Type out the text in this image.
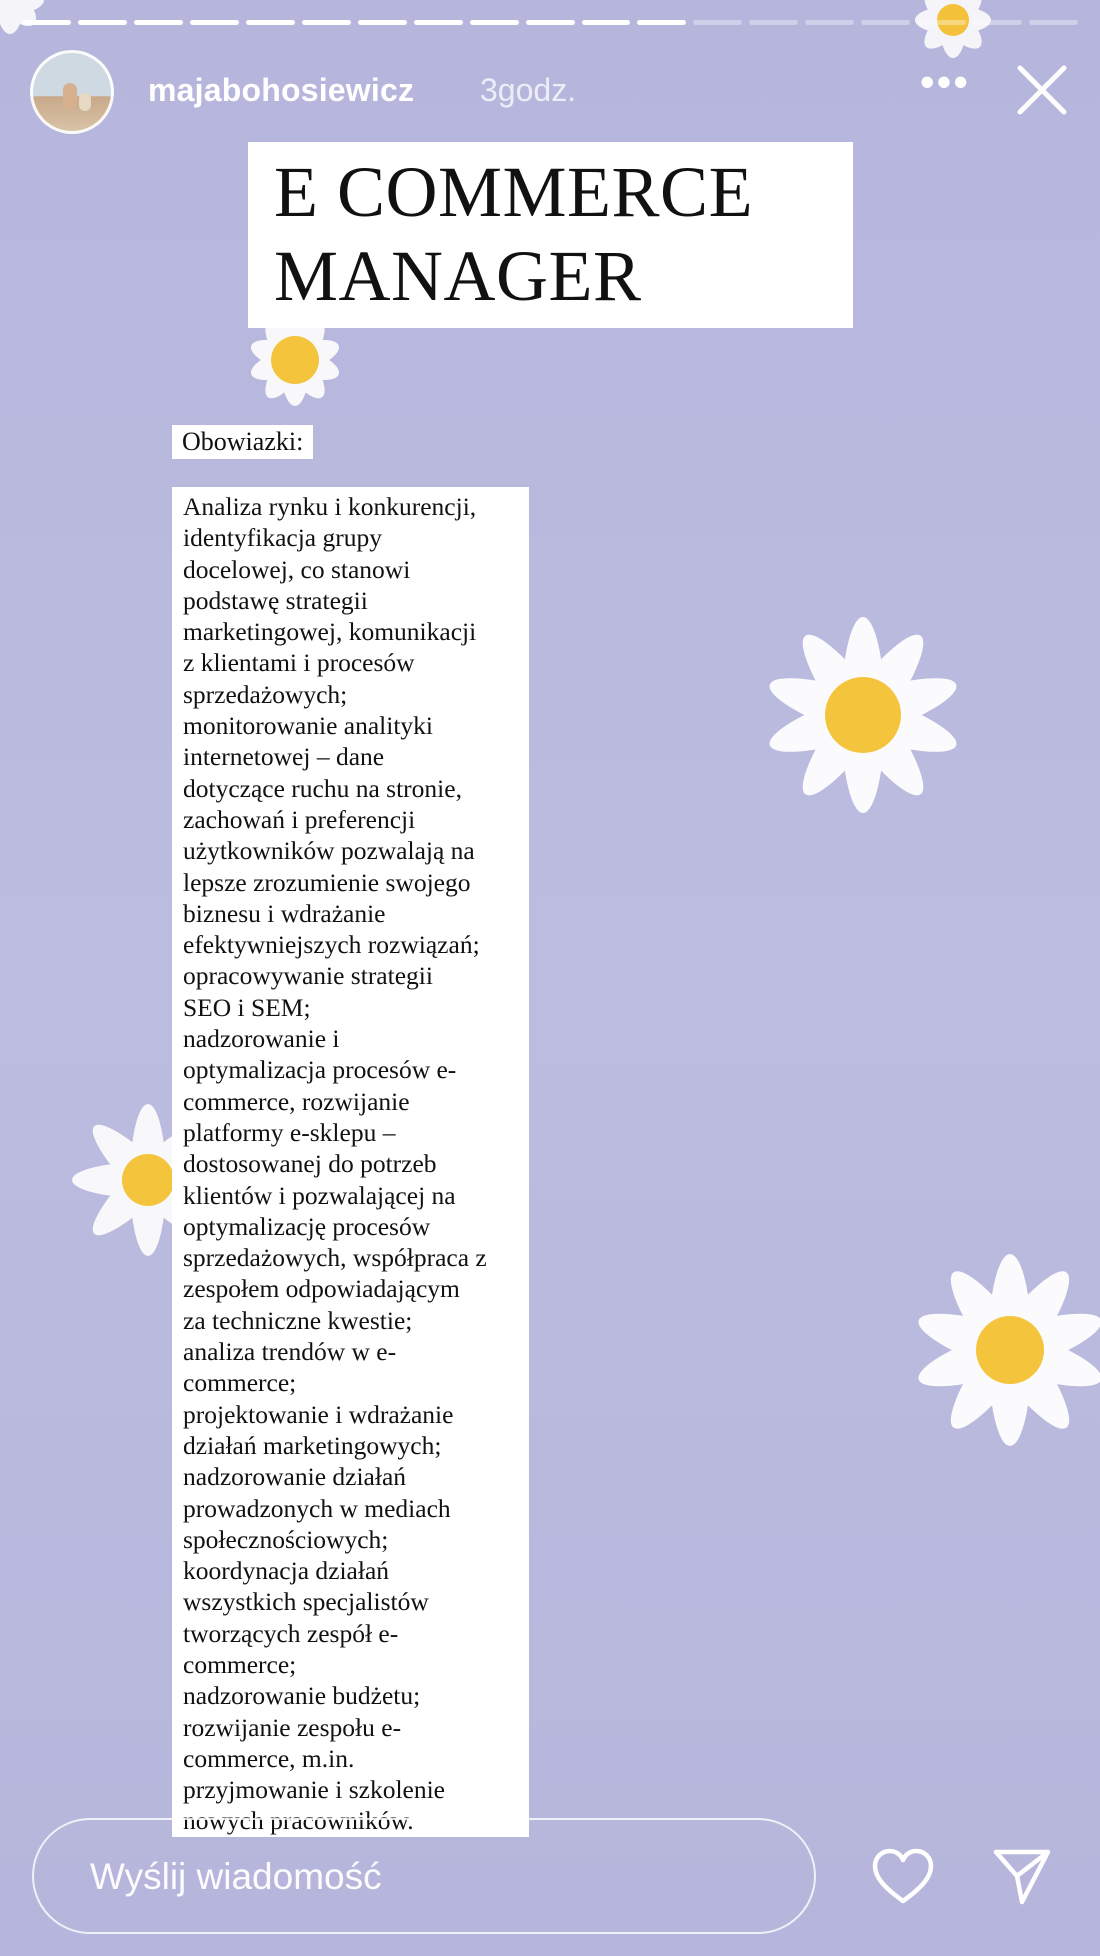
majabohosiewicz 3godz.	•••
E COMMERCE
MANAGER
Obowiazki:
Analiza rynku i konkurencji,
identyfikacja grupy
docelowej, co stanowi
podstawę strategii
marketingowej, komunikacji
z klientami i procesów
sprzedażowych;
monitorowanie analityki
internetowej – dane
dotyczące ruchu na stronie,
zachowań i preferencji
użytkowników pozwalają na
lepsze zrozumienie swojego
biznesu i wdrażanie
efektywniejszych rozwiązań;
opracowywanie strategii
SEO i SEM;
nadzorowanie i
optymalizacja procesów e-
commerce, rozwijanie
platformy e-sklepu –
dostosowanej do potrzeb
klientów i pozwalającej na
optymalizację procesów
sprzedażowych, współpraca z
zespołem odpowiadającym
za techniczne kwestie;
analiza trendów w e-
commerce;
projektowanie i wdrażanie
działań marketingowych;
nadzorowanie działań
prowadzonych w mediach
społecznościowych;
koordynacja działań
wszystkich specjalistów
tworzących zespół e-
commerce;
nadzorowanie budżetu;
rozwijanie zespołu e-
commerce, m.in.
przyjmowanie i szkolenie
nowych pracowników.
Wyślij wiadomość
